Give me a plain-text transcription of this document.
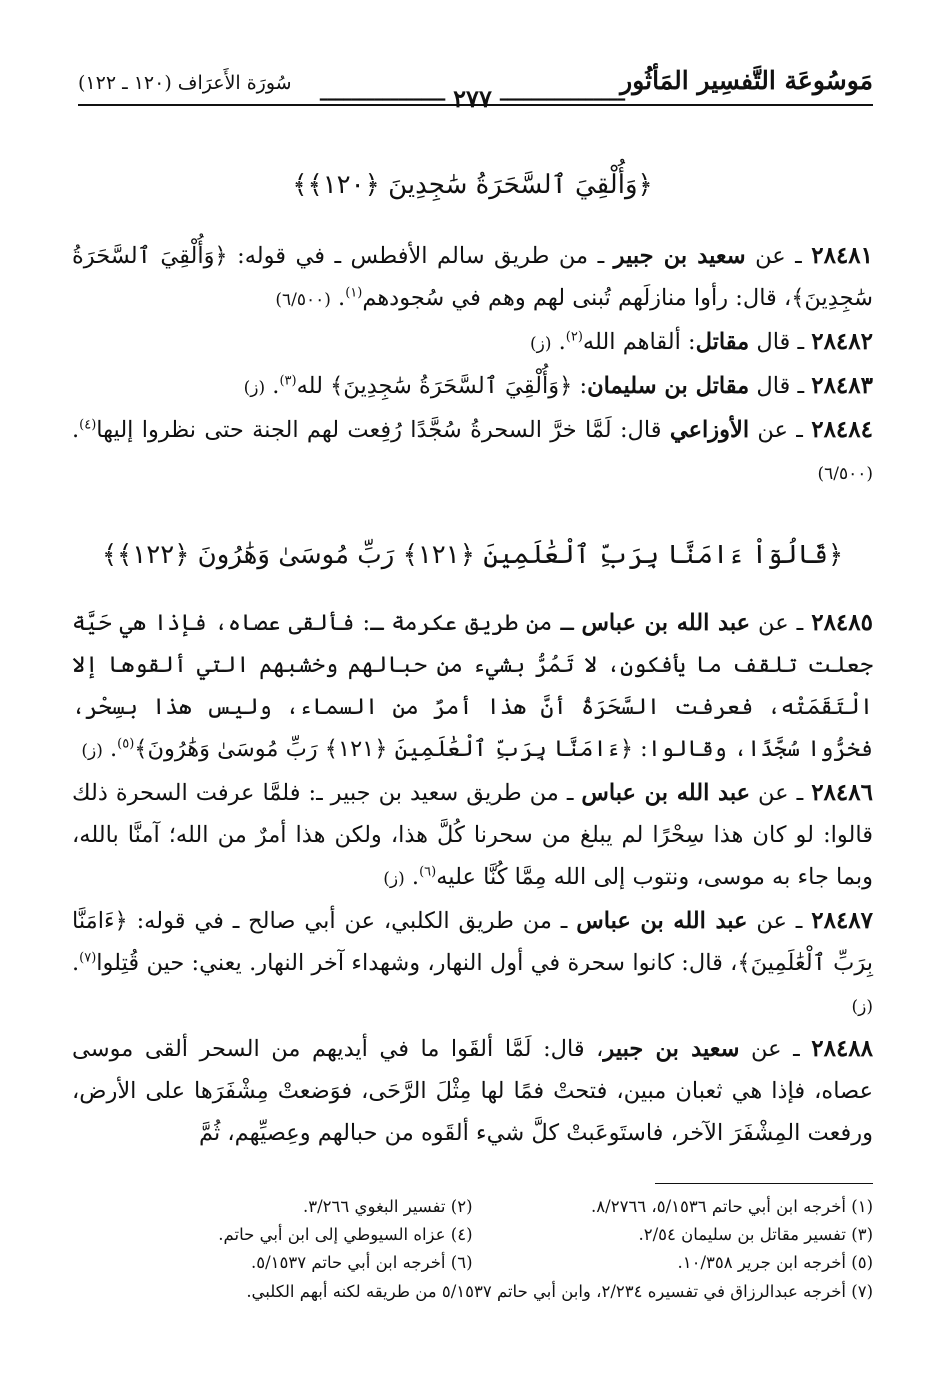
مَوسُوعَة التَّفسِير المَأثُور
سُورَة الأَعرَاف (١٢٠ ـ ١٢٢)
━━━━━━━━━━━━━━━━٢٧٧━━━━━━━━━━━━━━━━
﴿وَأُلْقِيَ ٱلسَّحَرَةُ سَٰجِدِينَ ﴿١٢٠﴾﴾

٢٨٤٨١ ـ عن سعيد بن جبير ـ من طريق سالم الأفطس ـ في قوله: ﴿وَأُلْقِيَ ٱلسَّحَرَةُ سَٰجِدِينَ﴾، قال: رأوا منازلَهم تُبنى لهم وهم في سُجودهم$^{(١)}$. (٦/٥٠٠)

٢٨٤٨٢ ـ قال مقاتل: ألقاهم الله$^{(٢)}$. (ز)

٢٨٤٨٣ ـ قال مقاتل بن سليمان: ﴿وَأُلْقِيَ ٱلسَّحَرَةُ سَٰجِدِينَ﴾ لله$^{(٣)}$. (ز)

٢٨٤٨٤ ـ عن الأوزاعي قال: لَمَّا خرَّ السحرةُ سُجَّدًا رُفِعت لهم الجنة حتى نظروا إليها$^{(٤)}$. (٦/٥٠٠)

﴿قَالُوٓاْ ءَامَنَّا بِرَبِّ ٱلْعَٰلَمِينَ ﴿١٢١﴾ رَبِّ مُوسَىٰ وَهَٰرُونَ ﴿١٢٢﴾﴾

٢٨٤٨٥ ـ عن عبد الله بن عباس ـ من طريق عكرمة ـ: فألقى عصاه، فإذا هي حَيَّة جعلت تلقف ما يأفكون، لا تَمُرُّ بشيء من حبالهم وخشبهم التي ألقوها إلا الْتَقَمَتْه، فعرفت السَّحَرَةُ أنَّ هذا أمرٌ من السماء، وليس هذا بسِحْر، فخرُّوا سُجَّدًا، وقالوا: ﴿ءَامَنَّا بِرَبِّ ٱلْعَٰلَمِينَ ﴿١٢١﴾ رَبِّ مُوسَىٰ وَهَٰرُونَ﴾$^{(٥)}$. (ز)

٢٨٤٨٦ ـ عن عبد الله بن عباس ـ من طريق سعيد بن جبير ـ: فلمَّا عرفت السحرة ذلك قالوا: لو كان هذا سِحْرًا لم يبلغ من سحرنا كُلَّ هذا، ولكن هذا أمرٌ من الله؛ آمنَّا بالله، وبما جاء به موسى، ونتوب إلى الله مِمَّا كُنَّا عليه$^{(٦)}$. (ز)

٢٨٤٨٧ ـ عن عبد الله بن عباس ـ من طريق الكلبي، عن أبي صالح ـ في قوله: ﴿ءَامَنَّا بِرَبِّ ٱلْعَٰلَمِينَ﴾، قال: كانوا سحرة في أول النهار، وشهداء آخر النهار. يعني: حين قُتِلوا$^{(٧)}$. (ز)

٢٨٤٨٨ ـ عن سعيد بن جبير، قال: لَمَّا ألقَوا ما في أيديهم من السحر ألقى موسى عصاه، فإذا هي ثعبان مبين، فتحتْ فمًا لها مِثْلَ الرَّحَى، فوَضعتْ مِشْفَرَها على الأرض، ورفعت المِشْفَرَ الآخر، فاستَوعَبتْ كلَّ شيء ألقَوه من حبالهم وعِصيِّهم، ثُمَّ

(١) أخرجه ابن أبي حاتم ٥/١٥٣٦، ٨/٢٧٦٦.
(٢) تفسير البغوي ٣/٢٦٦.
(٣) تفسير مقاتل بن سليمان ٢/٥٤.
(٤) عزاه السيوطي إلى ابن أبي حاتم.
(٥) أخرجه ابن جرير ١٠/٣٥٨.
(٦) أخرجه ابن أبي حاتم ٥/١٥٣٧.
(٧) أخرجه عبدالرزاق في تفسيره ٢/٢٣٤، وابن أبي حاتم ٥/١٥٣٧ من طريقه لكنه أبهم الكلبي.
